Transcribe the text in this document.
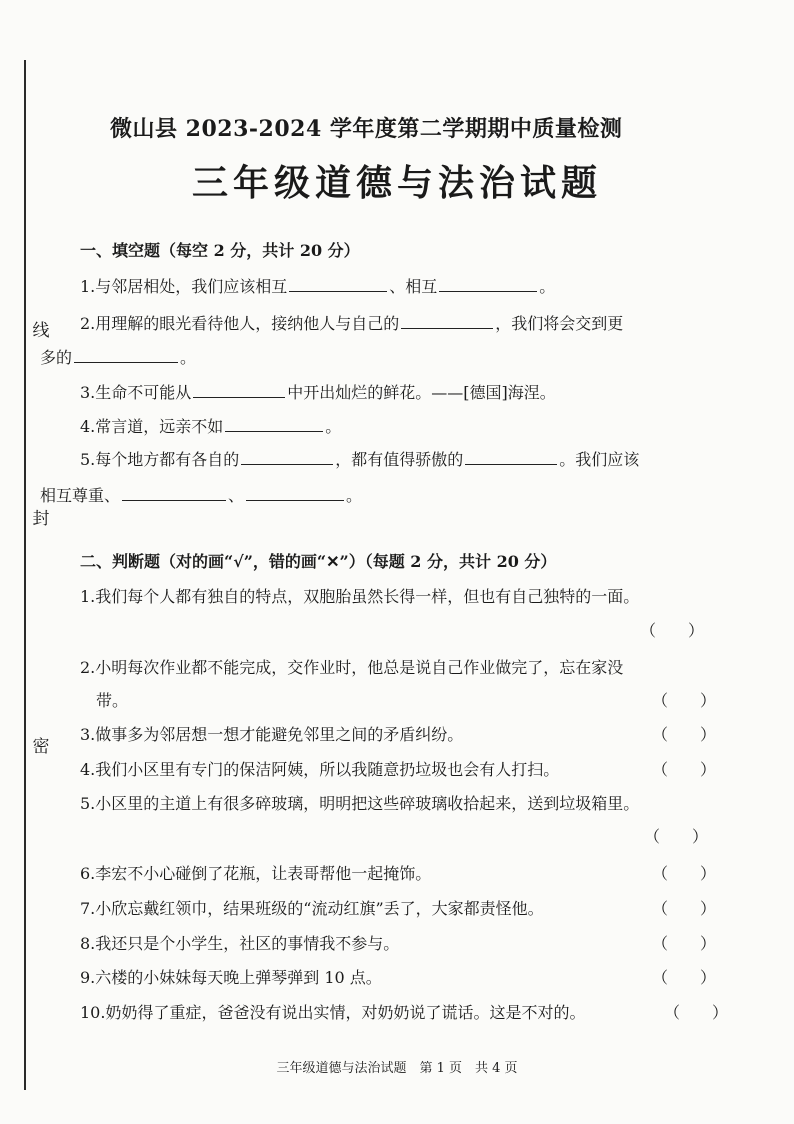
线
封
密
微山县 2023-2024 学年度第二学期期中质量检测
三年级道德与法治试题
一、填空题（每空 2 分，共计 20 分）
1.与邻居相处，我们应该相互	、相互	。
2.用理解的眼光看待他人，接纳他人与自己的	，我们将会交到更
多的	。
3.生命不可能从	中开出灿烂的鲜花。——[德国]海涅。
4.常言道，远亲不如	。
5.每个地方都有各自的	，都有值得骄傲的	。我们应该
相互尊重、	、	。
二、判断题（对的画“√”，错的画“✕”）（每题 2 分，共计 20 分）
1.我们每个人都有独自的特点，双胞胎虽然长得一样，但也有自己独特的一面。
（　　）
2.小明每次作业都不能完成，交作业时，他总是说自己作业做完了，忘在家没
带。	（　　）
3.做事多为邻居想一想才能避免邻里之间的矛盾纠纷。	（　　）
4.我们小区里有专门的保洁阿姨，所以我随意扔垃圾也会有人打扫。	（　　）
5.小区里的主道上有很多碎玻璃，明明把这些碎玻璃收拾起来，送到垃圾箱里。
（　　）
6.李宏不小心碰倒了花瓶，让表哥帮他一起掩饰。	（　　）
7.小欣忘戴红领巾，结果班级的“流动红旗”丢了，大家都责怪他。	（　　）
8.我还只是个小学生，社区的事情我不参与。	（　　）
9.六楼的小妹妹每天晚上弹琴弹到 10 点。	（　　）
10.奶奶得了重症，爸爸没有说出实情，对奶奶说了谎话。这是不对的。	（　　）
三年级道德与法治试题　第 1 页　共 4 页
